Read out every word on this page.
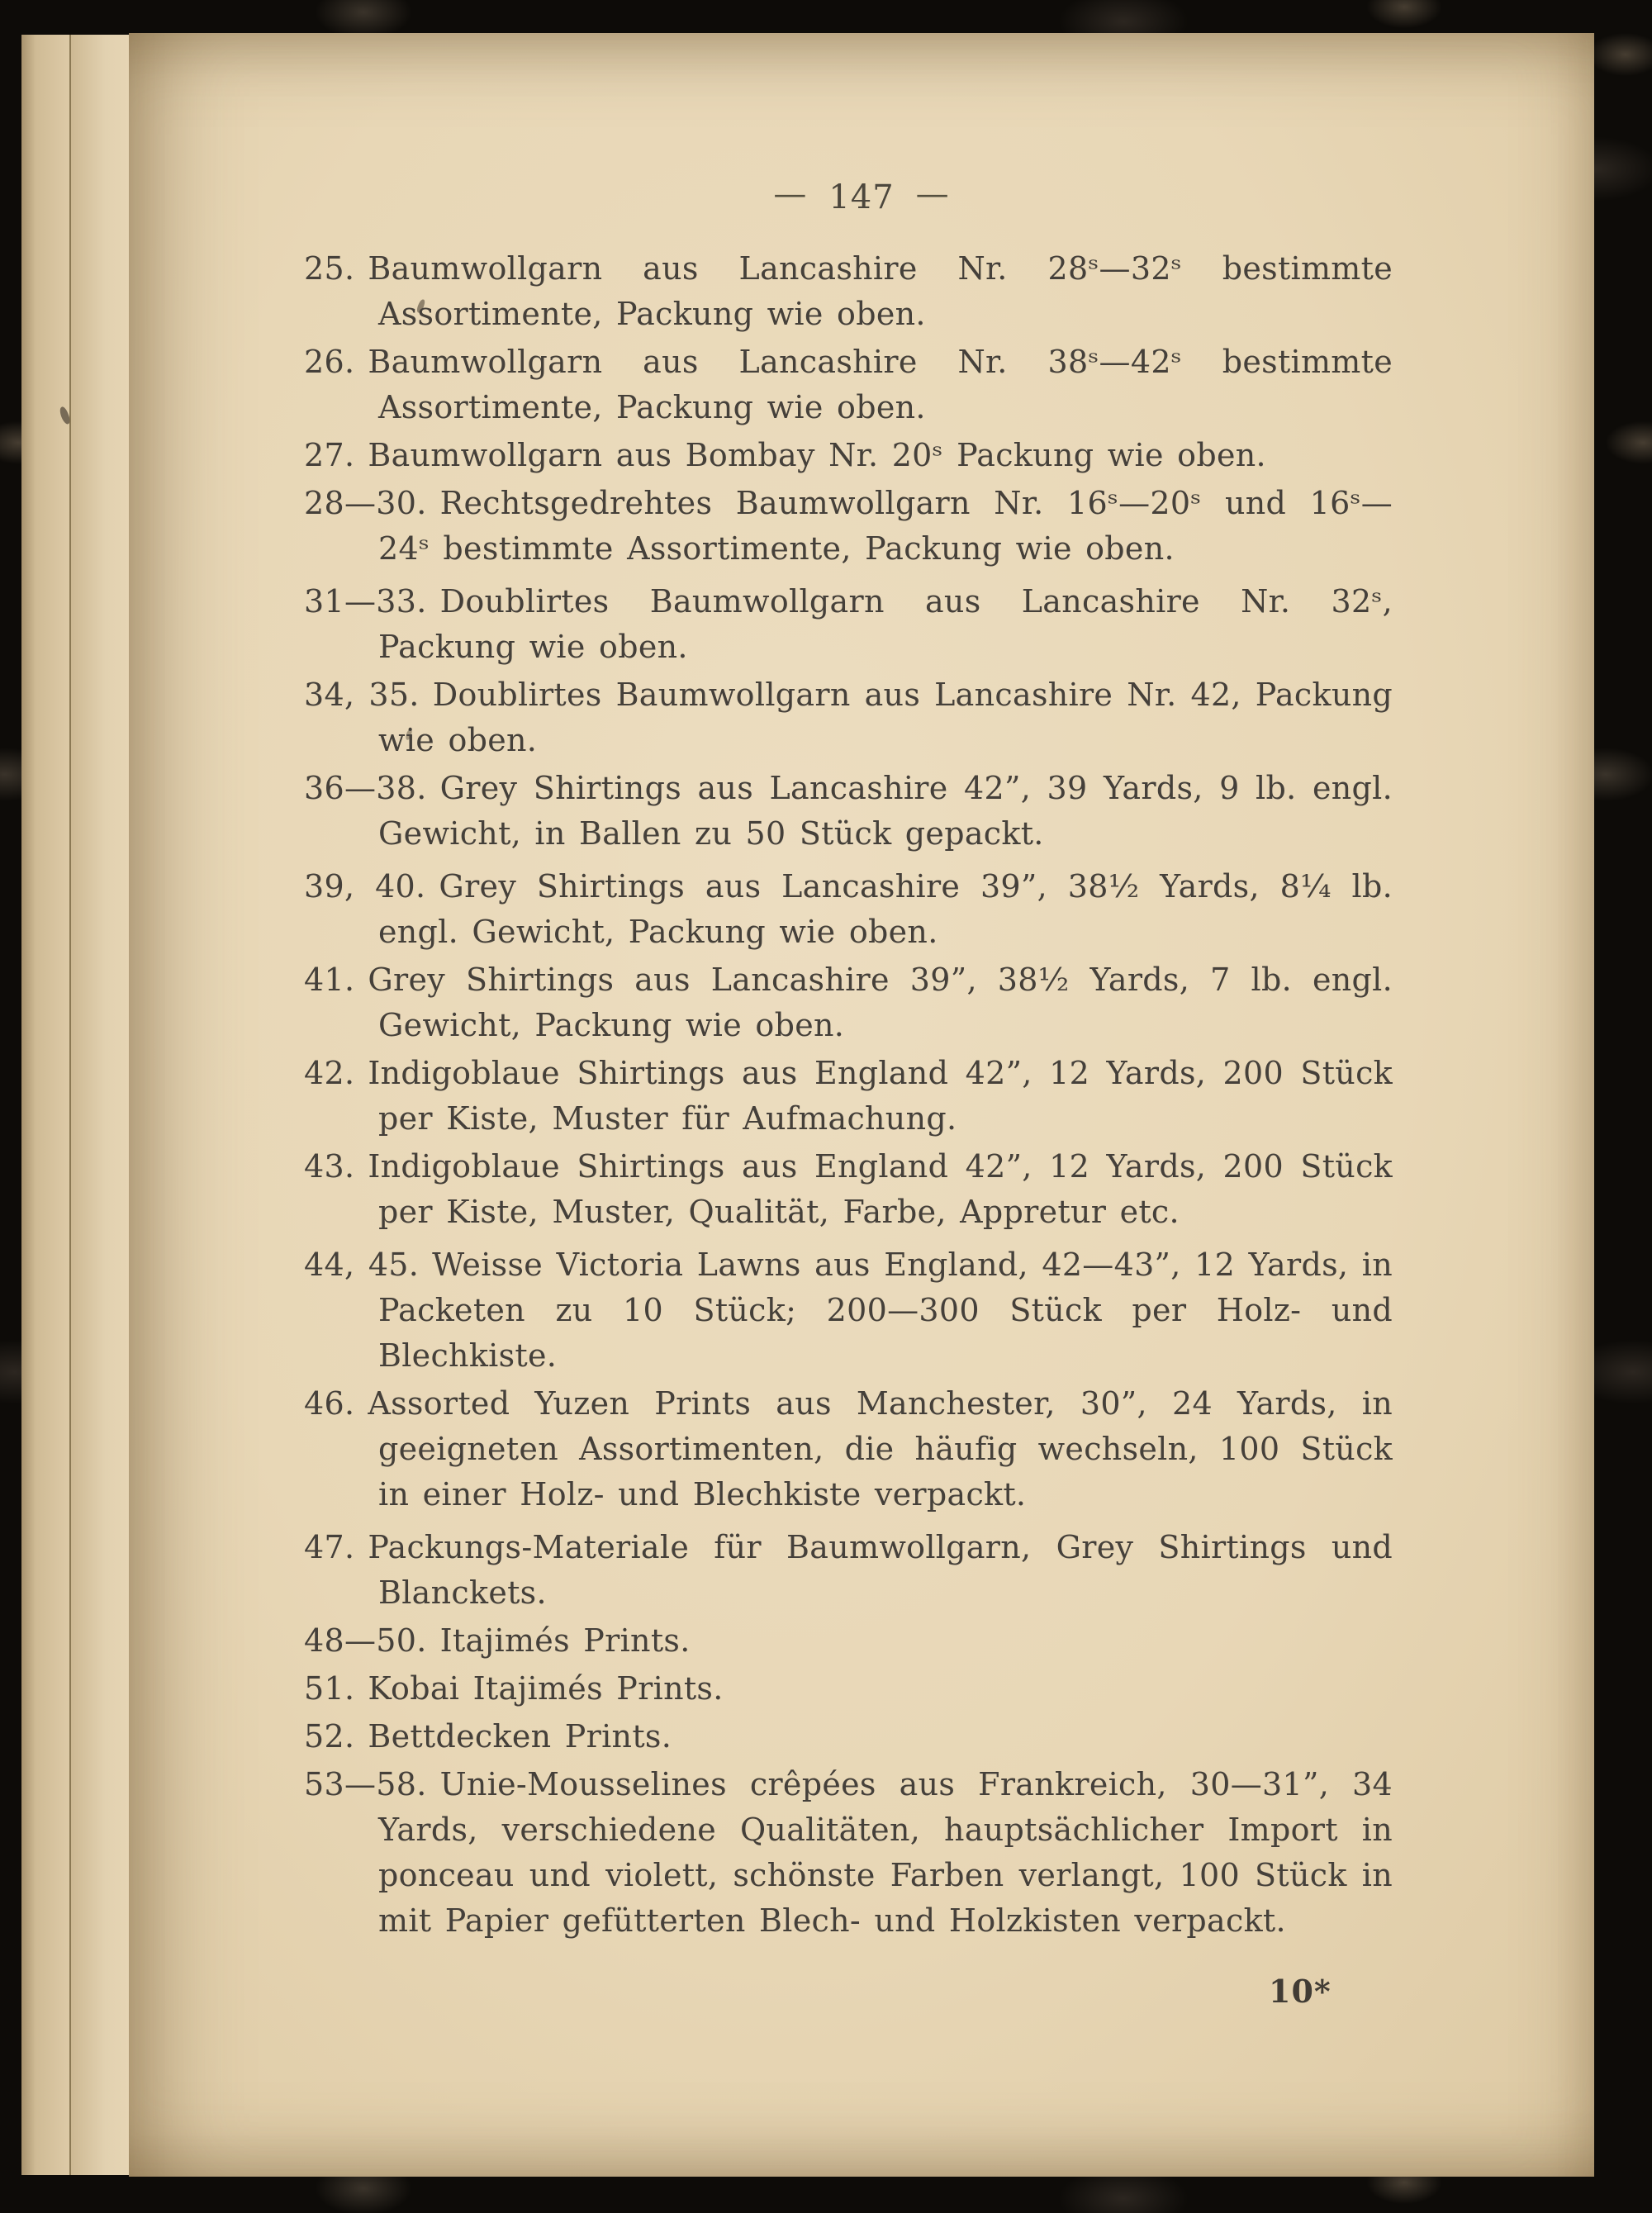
— 147 —

25. Baumwollgarn aus Lancashire Nr. 28ˢ—32ˢ bestimmte Assortimente, Packung wie oben.

26. Baumwollgarn aus Lancashire Nr. 38ˢ—42ˢ bestimmte Assortimente, Packung wie oben.

27. Baumwollgarn aus Bombay Nr. 20ˢ Packung wie oben.

28—30. Rechtsgedrehtes Baumwollgarn Nr. 16ˢ—20ˢ und 16ˢ—24ˢ bestimmte Assortimente, Packung wie oben.

31—33. Doublirtes Baumwollgarn aus Lancashire Nr. 32ˢ, Packung wie oben.

34, 35. Doublirtes Baumwollgarn aus Lancashire Nr. 42, Packung wie oben.

36—38. Grey Shirtings aus Lancashire 42”, 39 Yards, 9 lb. engl. Gewicht, in Ballen zu 50 Stück gepackt.

39, 40. Grey Shirtings aus Lancashire 39”, 38¹⁄₂ Yards, 8¹⁄₄ lb. engl. Gewicht, Packung wie oben.

41. Grey Shirtings aus Lancashire 39”, 38¹⁄₂ Yards, 7 lb. engl. Gewicht, Packung wie oben.

42. Indigoblaue Shirtings aus England 42”, 12 Yards, 200 Stück per Kiste, Muster für Aufmachung.

43. Indigoblaue Shirtings aus England 42”, 12 Yards, 200 Stück per Kiste, Muster, Qualität, Farbe, Appretur etc.

44, 45. Weisse Victoria Lawns aus England, 42—43”, 12 Yards, in Packeten zu 10 Stück; 200—300 Stück per Holz- und Blechkiste.

46. Assorted Yuzen Prints aus Manchester, 30”, 24 Yards, in geeigneten Assortimenten, die häufig wechseln, 100 Stück in einer Holz- und Blechkiste verpackt.

47. Packungs-Materiale für Baumwollgarn, Grey Shirtings und Blanckets.

48—50. Itajimés Prints.

51. Kobai Itajimés Prints.

52. Bettdecken Prints.

53—58. Unie-Mousselines crêpées aus Frankreich, 30—31”, 34 Yards, verschiedene Qualitäten, hauptsächlicher Import in ponceau und violett, schönste Farben verlangt, 100 Stück in mit Papier gefütterten Blech- und Holzkisten verpackt.

10*
